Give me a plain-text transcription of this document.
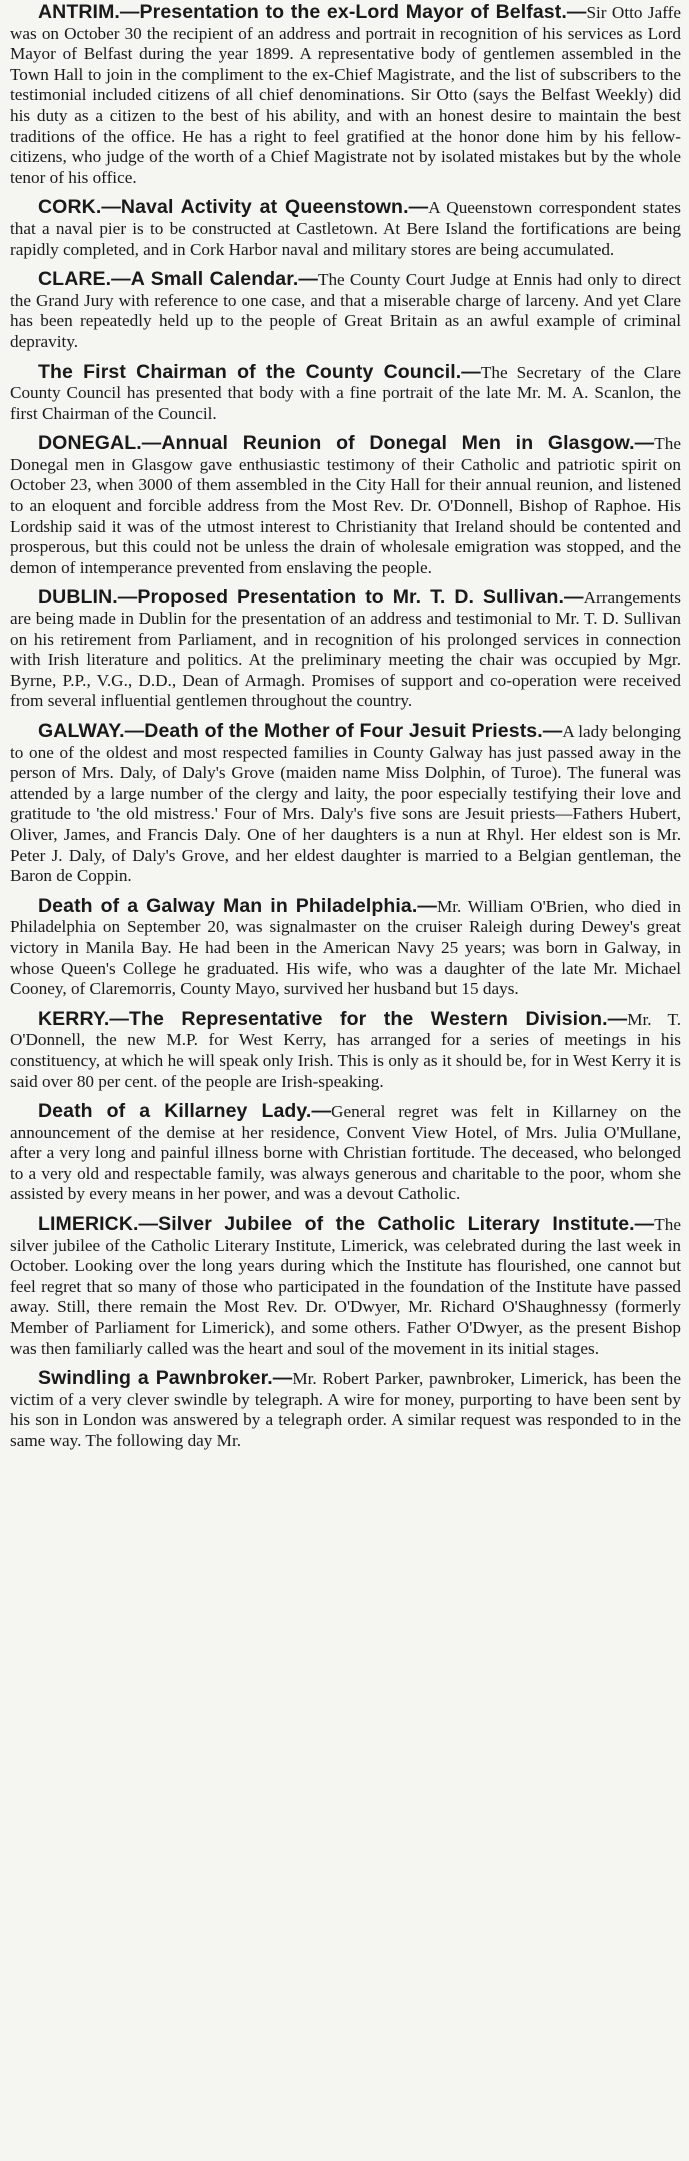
ANTRIM.—Presentation to the ex-Lord Mayor of Belfast.—Sir Otto Jaffe was on October 30 the recipient of an address and portrait in recognition of his services as Lord Mayor of Belfast during the year 1899. A representative body of gentlemen assembled in the Town Hall to join in the compliment to the ex-Chief Magistrate, and the list of subscribers to the testimonial included citizens of all chief denominations. Sir Otto (says the Belfast Weekly) did his duty as a citizen to the best of his ability, and with an honest desire to maintain the best traditions of the office. He has a right to feel gratified at the honor done him by his fellow-citizens, who judge of the worth of a Chief Magistrate not by isolated mistakes but by the whole tenor of his office.

CORK.—Naval Activity at Queenstown.—A Queenstown correspondent states that a naval pier is to be constructed at Castletown. At Bere Island the fortifications are being rapidly completed, and in Cork Harbor naval and military stores are being accumulated.

CLARE.—A Small Calendar.—The County Court Judge at Ennis had only to direct the Grand Jury with reference to one case, and that a miserable charge of larceny. And yet Clare has been repeatedly held up to the people of Great Britain as an awful example of criminal depravity.

The First Chairman of the County Council.—The Secretary of the Clare County Council has presented that body with a fine portrait of the late Mr. M. A. Scanlon, the first Chairman of the Council.

DONEGAL.—Annual Reunion of Donegal Men in Glasgow.—The Donegal men in Glasgow gave enthusiastic testimony of their Catholic and patriotic spirit on October 23, when 3000 of them assembled in the City Hall for their annual reunion, and listened to an eloquent and forcible address from the Most Rev. Dr. O'Donnell, Bishop of Raphoe. His Lordship said it was of the utmost interest to Christianity that Ireland should be contented and prosperous, but this could not be unless the drain of wholesale emigration was stopped, and the demon of intemperance prevented from enslaving the people.

DUBLIN.—Proposed Presentation to Mr. T. D. Sullivan.—Arrangements are being made in Dublin for the presentation of an address and testimonial to Mr. T. D. Sullivan on his retirement from Parliament, and in recognition of his prolonged services in connection with Irish literature and politics. At the preliminary meeting the chair was occupied by Mgr. Byrne, P.P., V.G., D.D., Dean of Armagh. Promises of support and co-operation were received from several influential gentlemen throughout the country.

GALWAY.—Death of the Mother of Four Jesuit Priests.—A lady belonging to one of the oldest and most respected families in County Galway has just passed away in the person of Mrs. Daly, of Daly's Grove (maiden name Miss Dolphin, of Turoe). The funeral was attended by a large number of the clergy and laity, the poor especially testifying their love and gratitude to 'the old mistress.' Four of Mrs. Daly's five sons are Jesuit priests—Fathers Hubert, Oliver, James, and Francis Daly. One of her daughters is a nun at Rhyl. Her eldest son is Mr. Peter J. Daly, of Daly's Grove, and her eldest daughter is married to a Belgian gentleman, the Baron de Coppin.

Death of a Galway Man in Philadelphia.—Mr. William O'Brien, who died in Philadelphia on September 20, was signalmaster on the cruiser Raleigh during Dewey's great victory in Manila Bay. He had been in the American Navy 25 years; was born in Galway, in whose Queen's College he graduated. His wife, who was a daughter of the late Mr. Michael Cooney, of Claremorris, County Mayo, survived her husband but 15 days.

KERRY.—The Representative for the Western Division.—Mr. T. O'Donnell, the new M.P. for West Kerry, has arranged for a series of meetings in his constituency, at which he will speak only Irish. This is only as it should be, for in West Kerry it is said over 80 per cent. of the people are Irish-speaking.

Death of a Killarney Lady.—General regret was felt in Killarney on the announcement of the demise at her residence, Convent View Hotel, of Mrs. Julia O'Mullane, after a very long and painful illness borne with Christian fortitude. The deceased, who belonged to a very old and respectable family, was always generous and charitable to the poor, whom she assisted by every means in her power, and was a devout Catholic.

LIMERICK.—Silver Jubilee of the Catholic Literary Institute.—The silver jubilee of the Catholic Literary Institute, Limerick, was celebrated during the last week in October. Looking over the long years during which the Institute has flourished, one cannot but feel regret that so many of those who participated in the foundation of the Institute have passed away. Still, there remain the Most Rev. Dr. O'Dwyer, Mr. Richard O'Shaughnessy (formerly Member of Parliament for Limerick), and some others. Father O'Dwyer, as the present Bishop was then familiarly called was the heart and soul of the movement in its initial stages.

Swindling a Pawnbroker.—Mr. Robert Parker, pawnbroker, Limerick, has been the victim of a very clever swindle by telegraph. A wire for money, purporting to have been sent by his son in London was answered by a telegraph order. A similar request was responded to in the same way. The following day Mr.
